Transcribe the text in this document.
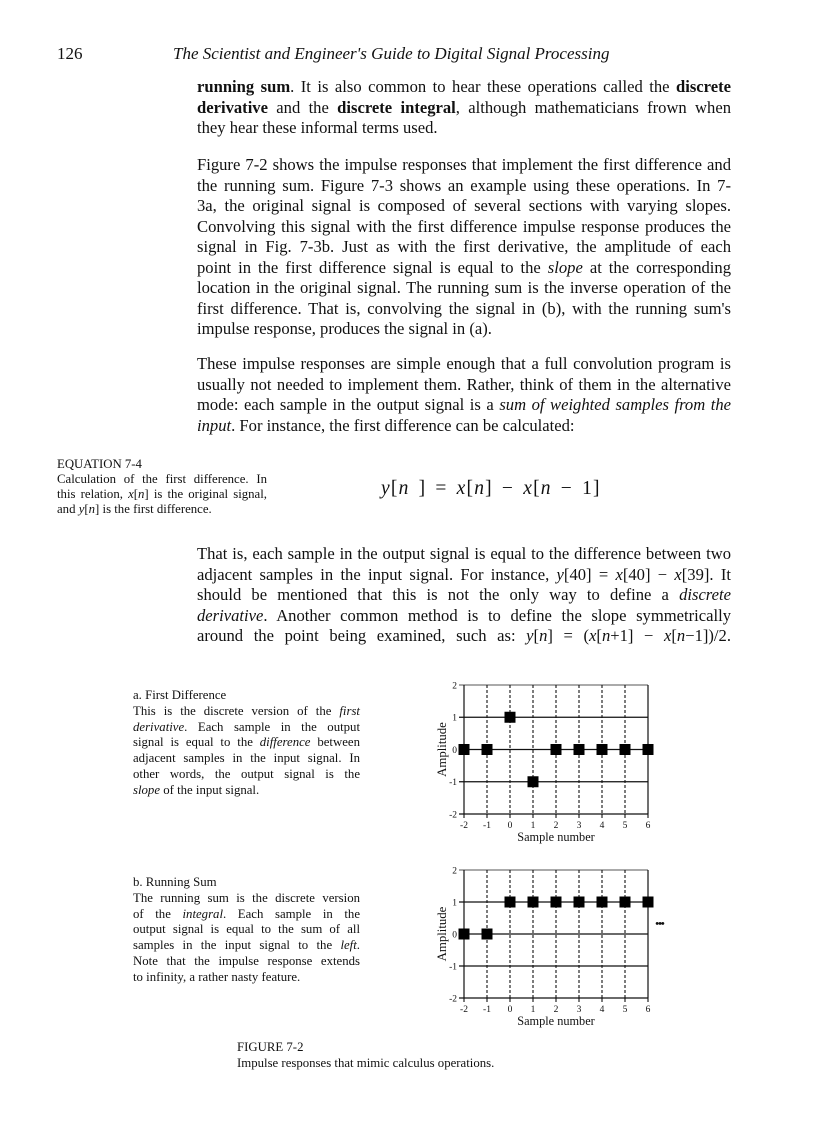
126	The Scientist and Engineer's Guide to Digital Signal Processing
running sum. It is also common to hear these operations called the discrete
derivative and the discrete integral, although mathematicians frown when
they hear these informal terms used.
Figure 7-2 shows the impulse responses that implement the first difference and
the running sum. Figure 7-3 shows an example using these operations. In 7-
3a, the original signal is composed of several sections with varying slopes.
Convolving this signal with the first difference impulse response produces the
signal in Fig. 7-3b. Just as with the first derivative, the amplitude of each
point in the first difference signal is equal to the slope at the corresponding
location in the original signal. The running sum is the inverse operation of the
first difference. That is, convolving the signal in (b), with the running sum's
impulse response, produces the signal in (a).
These impulse responses are simple enough that a full convolution program is
usually not needed to implement them. Rather, think of them in the alternative
mode: each sample in the output signal is a sum of weighted samples from the
input. For instance, the first difference can be calculated:
EQUATION 7-4
Calculation of the first difference. In
this relation, x[n] is the original signal,
and y[n] is the first difference.
y[n ] = x[n] − x[n − 1]
That is, each sample in the output signal is equal to the difference between two
adjacent samples in the input signal. For instance, y[40] = x[40] − x[39]. It
should be mentioned that this is not the only way to define a discrete
derivative. Another common method is to define the slope symmetrically
around the point being examined, such as: y[n] = (x[n+1] − x[n−1])/2.
a. First Difference
This is the discrete version of the first
derivative. Each sample in the output
signal is equal to the difference between
adjacent samples in the input signal. In
other words, the output signal is the
slope of the input signal.
-2
-1
0
1
2
-2 -1 0 1 2 3 4 5 6
Sample number
Amplitude
b. Running Sum
The running sum is the discrete version
of the integral. Each sample in the
output signal is equal to the sum of all
samples in the input signal to the left.
Note that the impulse response extends
to infinity, a rather nasty feature.
-2
-1
0
1
2
-2 -1 0 1 2 3 4 5 6
Sample number
Amplitude	•••
FIGURE 7-2
Impulse responses that mimic calculus operations.
